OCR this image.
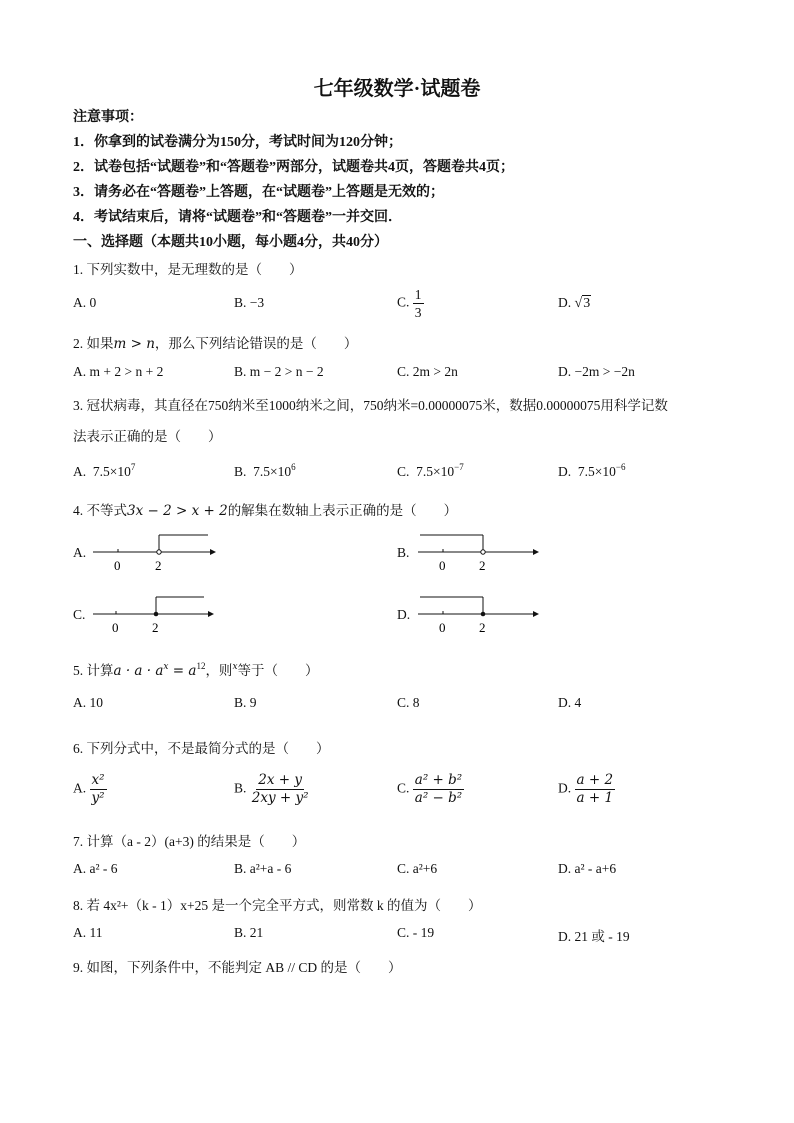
七年级数学·试题卷
注意事项：
1．你拿到的试卷满分为150分，考试时间为120分钟；
2．试卷包括“试题卷”和“答题卷”两部分，试题卷共4页，答题卷共4页；
3．请务必在“答题卷”上答题，在“试题卷”上答题是无效的；
4．考试结束后，请将“试题卷”和“答题卷”一并交回．
一、选择题（本题共10小题，每小题4分，共40分）
1. 下列实数中，是无理数的是（　　）
A. 0	B. −3	C. $\frac{1}{3}$	D. √3
2. 如果m > n，那么下列结论错误的是（　　）
A. m + 2 > n + 2	B. m − 2 > n − 2	C. 2m > 2n	D. −2m > −2n
3. 冠状病毒，其直径在750纳米至1000纳米之间，750纳米=0.00000075米，数据0.00000075用科学记数
法表示正确的是（　　）
A. $7.5\times 10^7$	B. $7.5\times 10^6$	C. $7.5\times 10^{-7}$	D. $7.5\times 10^{-6}$
4. 不等式3x − 2 > x + 2的解集在数轴上表示正确的是（　　）
A.
0	2
B.
0	2
C.
0	2
D.
0	2
5. 计算$a \cdot a \cdot a^x = a^{12}$，则$^x$等于（　　）
A. 10	B. 9	C. 8	D. 4
6. 下列分式中，不是最简分式的是（　　）
A. $\frac{\text{x²}}{\text{y²}}$	B. $\frac{2x + y}{\text{2xy + y²}}$	C. $\frac{\text{a² + b²}}{\text{a² − b²}}$	D. $\frac{a + 2}{a + 1}$
7. 计算（a - 2）(a+3) 的结果是（　　）
A. a² - 6	B. a²+a - 6	C. a²+6	D. a² - a+6
8. 若 4x²+（k - 1）x+25 是一个完全平方式，则常数 k 的值为（　　）
A. 11	B. 21	C. - 19	D. 21 或 - 19
9. 如图，下列条件中，不能判定 AB // CD 的是（　　）
